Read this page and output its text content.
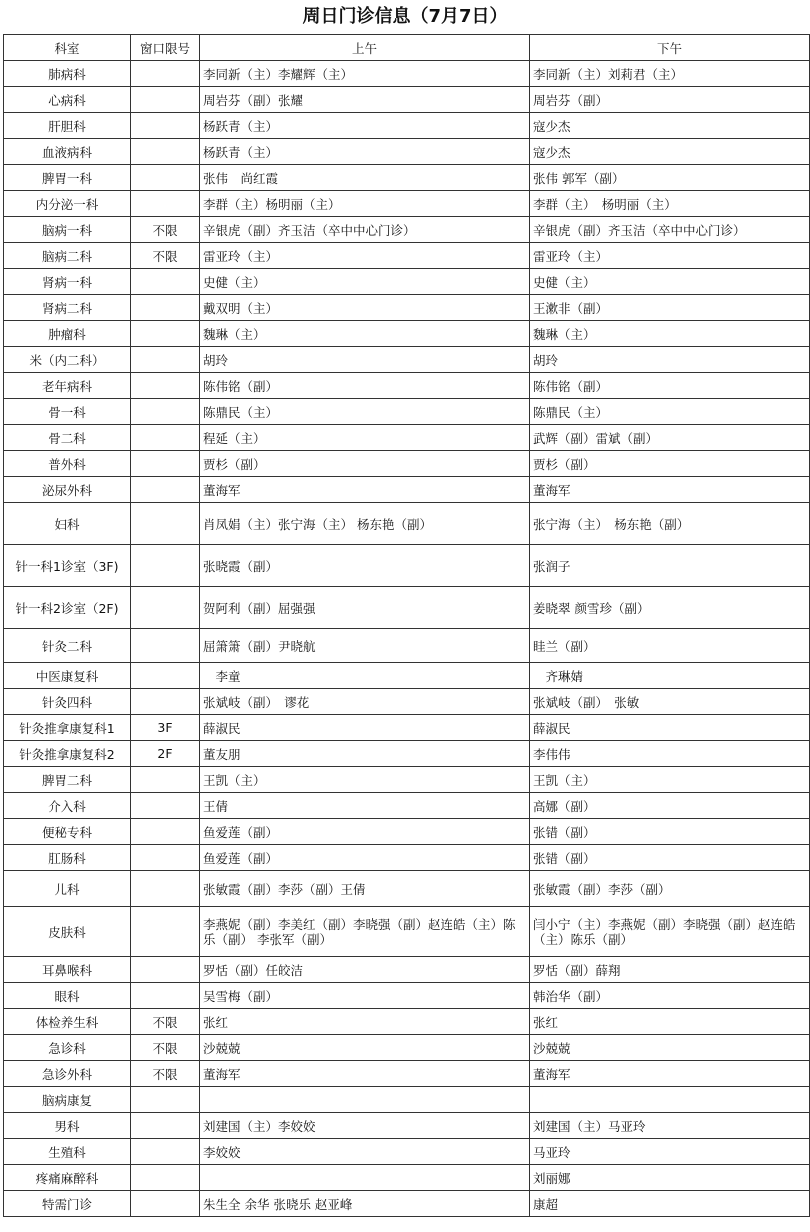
周日门诊信息（7月7日）
科室	窗口限号	上午	下午
肺病科		李同新（主）李耀辉（主）	李同新（主）刘莉君（主）
心病科		周岩芬（副）张耀	周岩芬（副）
肝胆科		杨跃青（主）	寇少杰
血液病科		杨跃青（主）	寇少杰
脾胃一科		张伟　尚红霞	张伟 郭军（副）
内分泌一科		李群（主）杨明丽（主）	李群（主）　杨明丽（主）
脑病一科	不限	辛银虎（副）齐玉洁（卒中中心门诊）	辛银虎（副）齐玉洁（卒中中心门诊）
脑病二科	不限	雷亚玲（主）	雷亚玲（主）
肾病一科		史健（主）	史健（主）
肾病二科		戴双明（主）	王漱非（副）
肿瘤科		魏琳（主）	魏琳（主）
米（内二科）		胡玲	胡玲
老年病科		陈伟铭（副）	陈伟铭（副）
骨一科		陈鼎民（主）	陈鼎民（主）
骨二科		程延（主）	武辉（副）雷斌（副）
普外科		贾杉（副）	贾杉（副）
泌尿外科		董海军	董海军
妇科		肖凤娟（主）张宁海（主） 杨东艳（副）	张宁海（主）　杨东艳（副）
针一科1诊室（3F)		张晓霞（副）	张润子
针一科2诊室（2F)		贺阿利（副）屈强强	姜晓翠 颜雪珍（副）
针灸二科		屈箫箫（副）尹晓航	眭兰（副）
中医康复科		　李童	　齐琳婧
针灸四科		张斌岐（副）　谬花	张斌岐（副）　张敏
针灸推拿康复科1	3F	薛淑民	薛淑民
针灸推拿康复科2	2F	董友朋	李伟伟
脾胃二科		王凯（主）	王凯（主）
介入科		王倩	高娜（副）
便秘专科		鱼爱莲（副）	张错（副）
肛肠科		鱼爱莲（副）	张错（副）
儿科		张敏霞（副）李莎（副）王倩	张敏霞（副）李莎（副）
皮肤科		李燕妮（副）李美红（副）李晓强（副）赵连皓（主）陈乐（副） 李张军（副）	闫小宁（主）李燕妮（副）李晓强（副）赵连皓（主）陈乐（副）
耳鼻喉科		罗恬（副）任皎洁	罗恬（副）薛翔
眼科		吴雪梅（副）	韩治华（副）
体检养生科	不限	张红	张红
急诊科	不限	沙兢兢	沙兢兢
急诊外科	不限	董海军	董海军
脑病康复			
男科		刘建国（主）李姣姣	刘建国（主）马亚玲
生殖科		李姣姣	马亚玲
疼痛麻醉科			刘丽娜
特需门诊		朱生全 余华 张晓乐 赵亚峰	康超
